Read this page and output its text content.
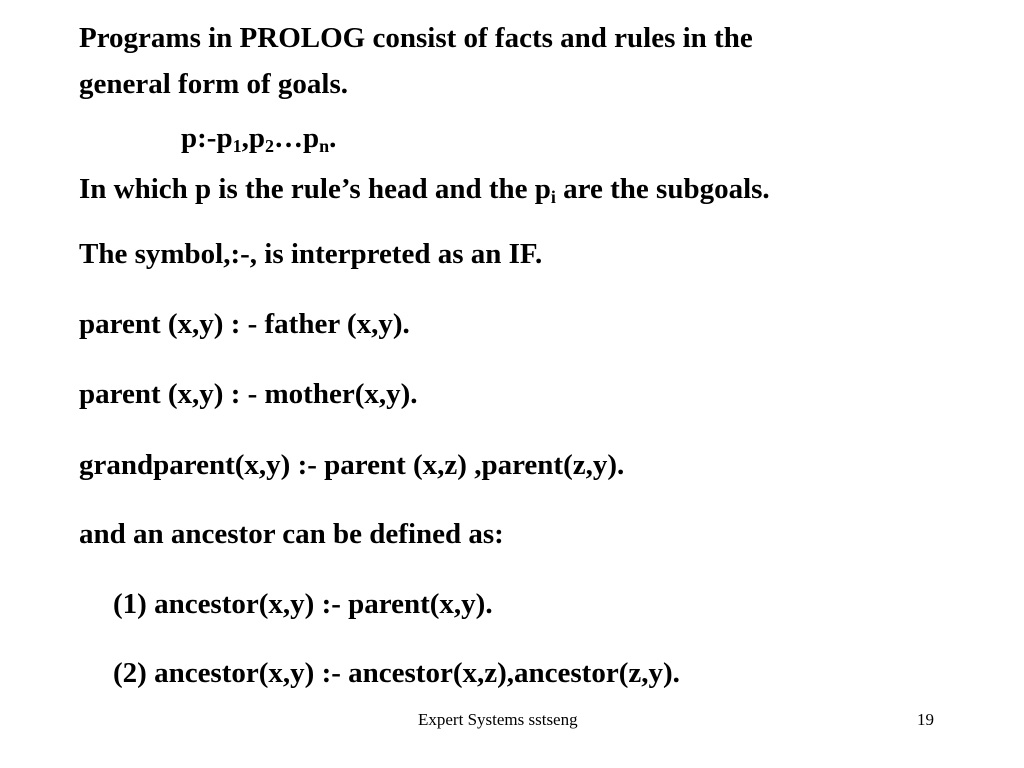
Programs in PROLOG consist of facts and rules in the
general form of goals.
$p:-p_1,p_2\dots p_n$.
In which p is the rule’s head and the $p_i$ are the subgoals.
The symbol,:-, is interpreted as an IF.
parent (x,y) : - father (x,y).
parent (x,y) : - mother(x,y).
grandparent(x,y) :- parent (x,z) ,parent(z,y).
and an ancestor can be defined as:
(1) ancestor(x,y) :- parent(x,y).
(2) ancestor(x,y) :- ancestor(x,z),ancestor(z,y).
Expert Systems sstseng	19
